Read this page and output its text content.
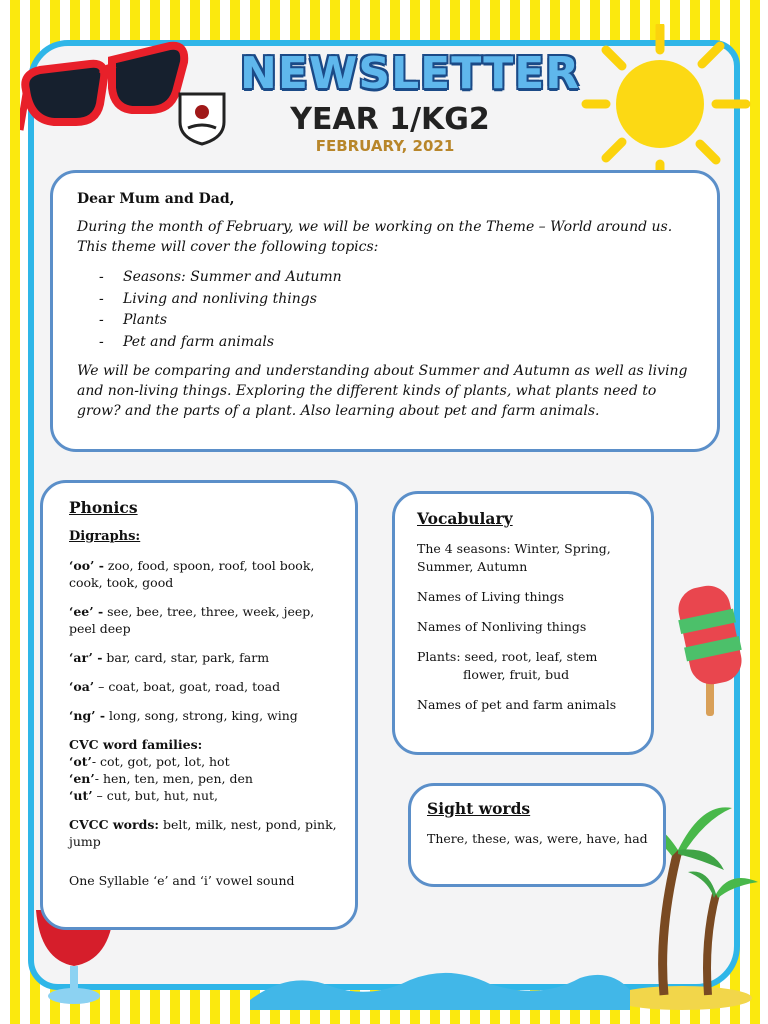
NEWSLETTER
YEAR 1/KG2
FEBRUARY, 2021
Dear Mum and Dad,

During the month of February, we will be working on the Theme – World around us. This theme will cover the following topics:

- Seasons: Summer and Autumn
- Living and nonliving things
- Plants
- Pet and farm animals

We will be comparing and understanding about Summer and Autumn as well as living and non-living things. Exploring the different kinds of plants, what plants need to grow? and the parts of a plant. Also learning about pet and farm animals.

Phonics
Digraphs:
‘oo’ - zoo, food, spoon, roof, tool book, cook, took, good
‘ee’ - see, bee, tree, three, week, jeep, peel deep
‘ar’ - bar, card, star, park, farm
‘oa’ – coat, boat, goat, road, toad
‘ng’ - long, song, strong, king, wing
CVC word families:
‘ot’- cot, got, pot, lot, hot
‘en’- hen, ten, men, pen, den
‘ut’ – cut, but, hut, nut,
CVCC words: belt, milk, nest, pond, pink, jump
One Syllable ‘e’ and ‘i’ vowel sound
Vocabulary
The 4 seasons: Winter, Spring, Summer, Autumn
Names of Living things
Names of Nonliving things
Plants: seed, root, leaf, stem
flower, fruit, bud
Names of pet and farm animals
Sight words
There, these, was, were, have, had
